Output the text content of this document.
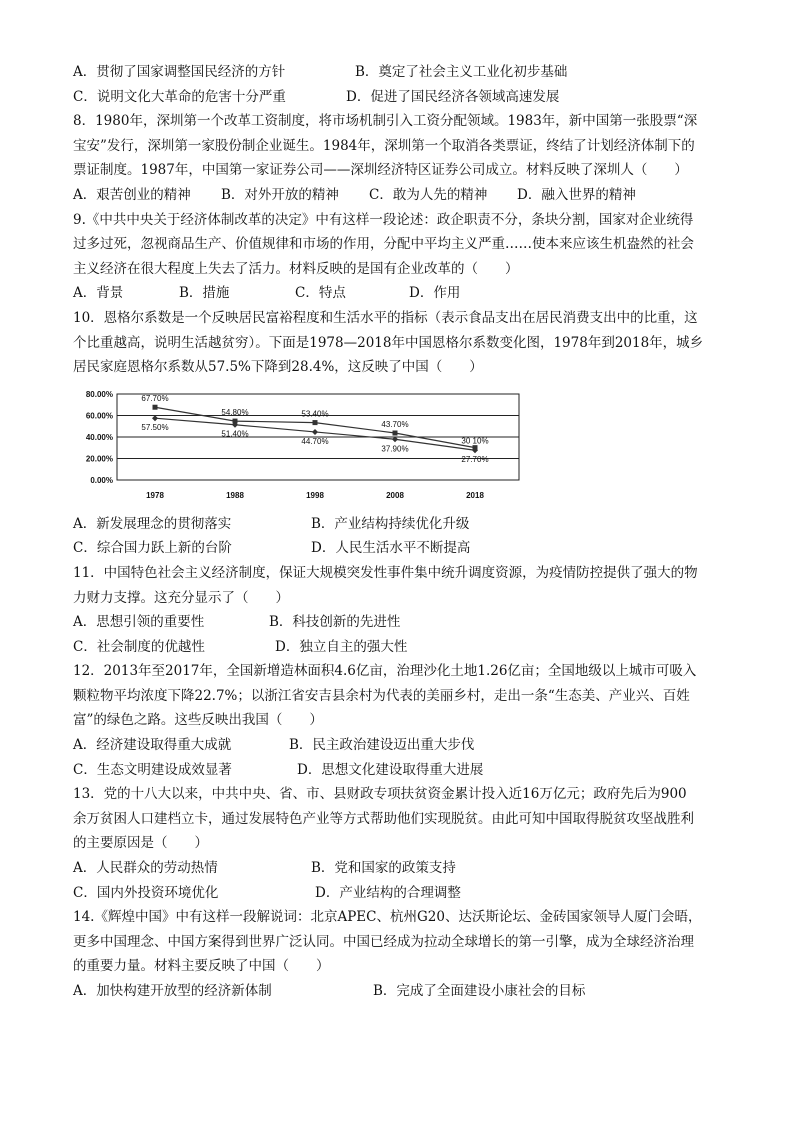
A．贯彻了国家调整国民经济的方针	B．奠定了社会主义工业化初步基础
C．说明文化大革命的危害十分严重	D．促进了国民经济各领域高速发展
8．1980年，深圳第一个改革工资制度，将市场机制引入工资分配领域。1983年，新中国第一张股票“深
宝安”发行，深圳第一家股份制企业诞生。1984年，深圳第一个取消各类票证，终结了计划经济体制下的
票证制度。1987年，中国第一家证券公司——深圳经济特区证券公司成立。材料反映了深圳人（　　）
A．艰苦创业的精神	B．对外开放的精神	C．敢为人先的精神	D．融入世界的精神
9.《中共中央关于经济体制改革的决定》中有这样一段论述：政企职责不分，条块分割，国家对企业统得
过多过死，忽视商品生产、价值规律和市场的作用，分配中平均主义严重……使本来应该生机盎然的社会
主义经济在很大程度上失去了活力。材料反映的是国有企业改革的（　　）
A．背景	B．措施	C．特点	D．作用
10．恩格尔系数是一个反映居民富裕程度和生活水平的指标（表示食品支出在居民消费支出中的比重，这
个比重越高，说明生活越贫穷）。下面是1978—2018年中国恩格尔系数变化图，1978年到2018年，城乡
居民家庭恩格尔系数从57.5%下降到28.4%，这反映了中国（　　）
0.00%
20.00%
40.00%
60.00%
80.00%
1978	1988	1998	2008	2018
67.70%
54.80%	53.40%
43.70%
30 10%
57.50%
51.40%
44.70%
37.90%
27.70%
A．新发展理念的贯彻落实	B．产业结构持续优化升级
C．综合国力跃上新的台阶	D．人民生活水平不断提高
11．中国特色社会主义经济制度，保证大规模突发性事件集中统升调度资源，为疫情防控提供了强大的物
力财力支撑。这充分显示了（　　）
A．思想引领的重要性	B．科技创新的先进性
C．社会制度的优越性	D．独立自主的强大性
12．2013年至2017年，全国新增造林面积4.6亿亩，治理沙化土地1.26亿亩；全国地级以上城市可吸入
颗粒物平均浓度下降22.7%；以浙江省安吉县余村为代表的美丽乡村，走出一条“生态美、产业兴、百姓
富”的绿色之路。这些反映出我国（　　）
A．经济建设取得重大成就	B．民主政治建设迈出重大步伐
C．生态文明建设成效显著	D．思想文化建设取得重大进展
13．党的十八大以来，中共中央、省、市、县财政专项扶贫资金累计投入近16万亿元；政府先后为900
余万贫困人口建档立卡，通过发展特色产业等方式帮助他们实现脱贫。由此可知中国取得脱贫攻坚战胜利
的主要原因是（　　）
A．人民群众的劳动热情	B．党和国家的政策支持
C．国内外投资环境优化	D．产业结构的合理调整
14.《辉煌中国》中有这样一段解说词：北京APEC、杭州G20、达沃斯论坛、金砖国家领导人厦门会晤，
更多中国理念、中国方案得到世界广泛认同。中国已经成为拉动全球增长的第一引擎，成为全球经济治理
的重要力量。材料主要反映了中国（　　）
A．加快构建开放型的经济新体制	B．完成了全面建设小康社会的目标
